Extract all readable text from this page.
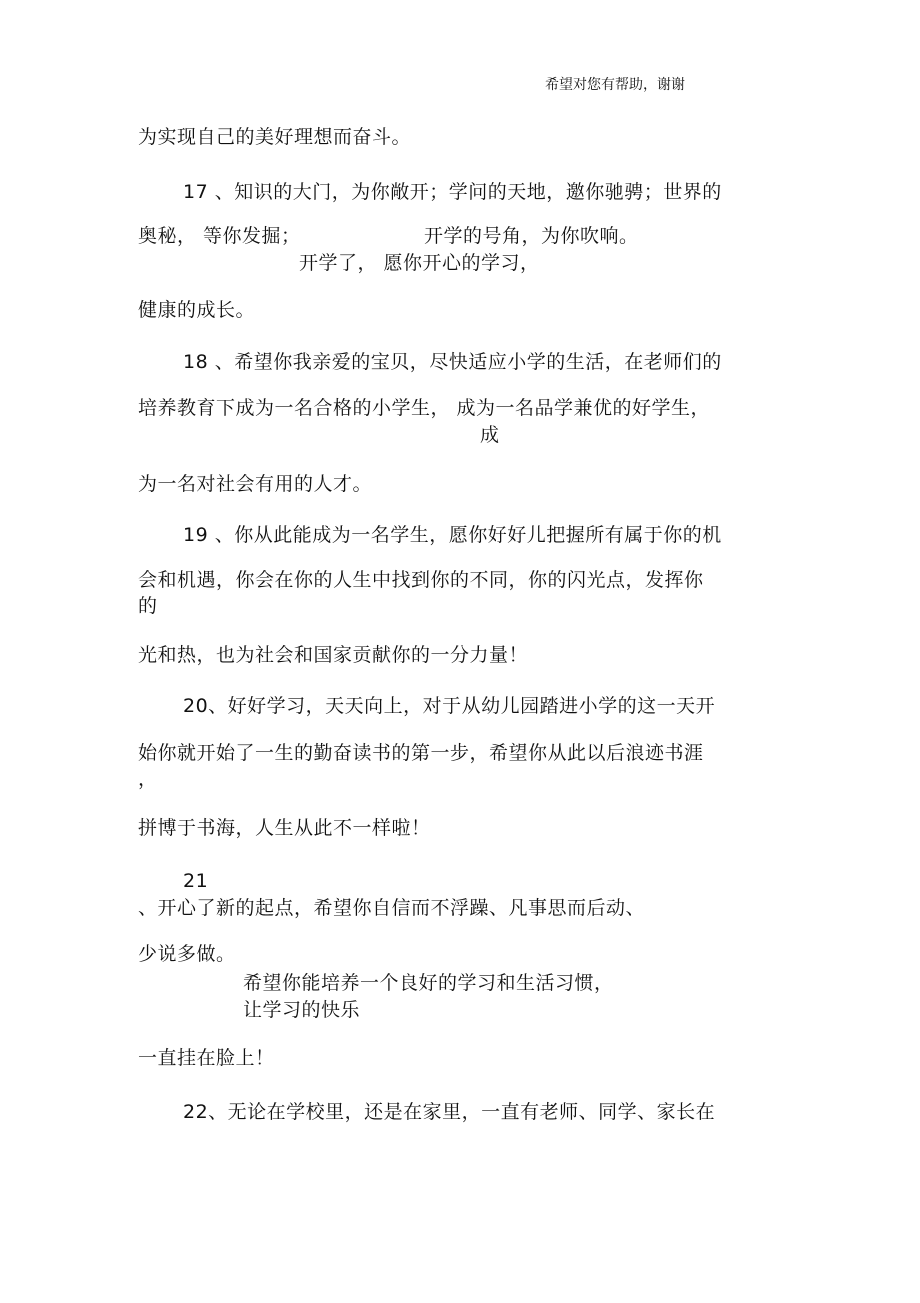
希望对您有帮助，谢谢
为实现自己的美好理想而奋斗。
17 、知识的大门，为你敞开；学问的天地，邀你驰骋；世界的
奥秘， 等你发掘；	开学的号角，为你吹响。
开学了， 愿你开心的学习，
健康的成长。
18 、希望你我亲爱的宝贝，尽快适应小学的生活，在老师们的
培养教育下成为一名合格的小学生， 成为一名品学兼优的好学生，
成
为一名对社会有用的人才。
19 、你从此能成为一名学生，愿你好好儿把握所有属于你的机
会和机遇，你会在你的人生中找到你的不同，你的闪光点，发挥你
的
光和热，也为社会和国家贡献你的一分力量！
20、好好学习，天天向上，对于从幼儿园踏进小学的这一天开
始你就开始了一生的勤奋读书的第一步，希望你从此以后浪迹书涯
，
拼博于书海，人生从此不一样啦！
21
、开心了新的起点，希望你自信而不浮躁、凡事思而后动、
少说多做。
希望你能培养一个良好的学习和生活习惯，
让学习的快乐
一直挂在脸上！
22、无论在学校里，还是在家里，一直有老师、同学、家长在
